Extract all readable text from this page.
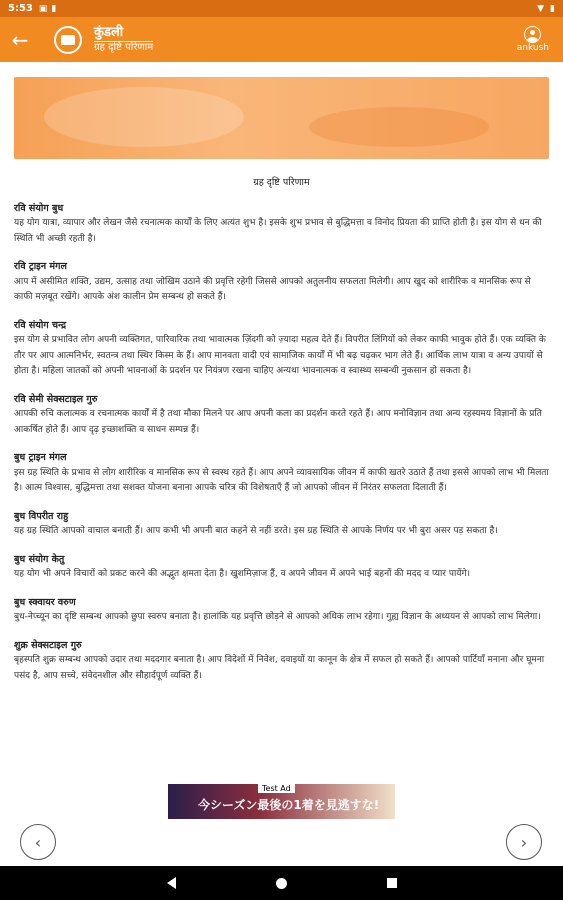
5:53 ▣ ▮	▼ ▮
←	कुंडली
ग्रह दृष्टि परिणाम	ankush
ग्रह दृष्टि परिणाम
रवि संयोग बुध
यह योग यात्रा, व्यापार और लेखन जैसे रचनात्मक कार्यों के लिए अत्यंत शुभ है। इसके शुभ प्रभाव से बुद्धिमत्ता व विनोद प्रियता की प्राप्ति होती है। इस योग से धन की स्थिति भी अच्छी रहती है।
रवि ट्राइन मंगल
आप में असीमित शक्ति, उद्यम, उत्साह तथा जोखिम उठाने की प्रवृत्ति रहेगी जिससे आपको अतुलनीय सफलता मिलेगी। आप खुद को शारीरिक व मानसिक रूप से काफी मज़बूत रखेंगे। आपके अंश कालीन प्रेम सम्बन्ध हो सकते हैं।
रवि संयोग चन्द्र
इस योग से प्रभावित लोग अपनी व्यक्तिगत, पारिवारिक तथा भावात्मक ज़िंदगी को ज़्यादा महत्व देते हैं। विपरीत लिंगियों को लेकर काफी भावुक होते हैं। एक व्यक्ति के तौर पर आप आत्मनिर्भर, स्वतन्त्र तथा स्थिर किस्म के हैं। आप मानवता वादी एवं सामाजिक कार्यों में भी बढ़ चढ़कर भाग लेते हैं। आर्थिक लाभ यात्रा व अन्य उपायों से होता है। महिला जातकों को अपनी भावनाओं के प्रदर्शन पर नियंत्रण रखना चाहिए अन्यथा भावनात्मक व स्वास्थ्य सम्बन्धी नुकसान हो सकता है।
रवि सेमी सेक्सटाइल गुरु
आपकी रुचि कलात्मक व रचनात्मक कार्यों में है तथा मौका मिलने पर आप अपनी कला का प्रदर्शन करते रहते हैं। आप मनोविज्ञान तथा अन्य रहस्यमय विज्ञानों के प्रति आकर्षित होते हैं। आप दृढ़ इच्छाशक्ति व साधन सम्पन्न हैं।
बुध ट्राइन मंगल
इस ग्रह स्थिति के प्रभाव से लोग शारीरिक व मानसिक रूप से स्वस्थ रहते हैं। आप अपने व्यावसायिक जीवन में काफी खतरे उठाते हैं तथा इससे आपको लाभ भी मिलता है। आत्म विश्वास, बुद्धिमत्ता तथा सशक्त योजना बनाना आपके चरित्र की विशेषताएँ हैं जो आपको जीवन में निरंतर सफलता दिलाती हैं।
बुध विपरीत राहु
यह ग्रह स्थिति आपको वाचाल बनाती हैं। आप कभी भी अपनी बात कहने से नहीं डरते। इस ग्रह स्थिति से आपके निर्णय पर भी बुरा असर पड़ सकता है।
बुध संयोग केतु
यह योग भी अपने विचारों को प्रकट करने की अद्भुत क्षमता देता है। खुशमिज़ाज हैं, व अपने जीवन में अपने भाई बहनों की मदद व प्यार पायेंगे।
बुध स्क्वायर वरुण
बुध-नेप्च्यून का दृष्टि सम्बन्ध आपको छुपा स्वरुप बनाता है। हालांकि यह प्रवृत्ति छोड़ने से आपको अधिक लाभ रहेगा। गुह्य विज्ञान के अध्ययन से आपको लाभ मिलेगा।
शुक्र सेक्सटाइल गुरु
बृहस्पति शुक्र सम्बन्ध आपको उदार तथा मददगार बनाता है। आप विदेशों में निवेश, दवाइयों या कानून के क्षेत्र में सफल हो सकते हैं। आपको पार्टियाँ मनाना और घूमना पसंद है, आप सच्चे, संवेदनशील और सौहार्दपूर्ण व्यक्ति हैं।
Test Ad
今シーズン最後の1着を見逃すな!
‹	›
